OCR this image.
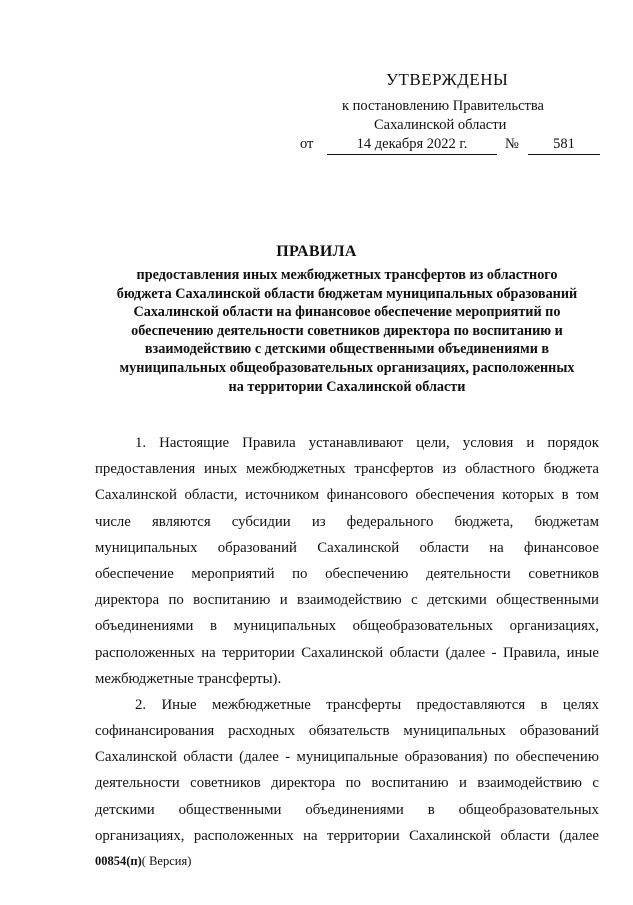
УТВЕРЖДЕНЫ
к постановлению Правительства
Сахалинской области
от	14 декабря 2022 г.	№	581
ПРАВИЛА
предоставления иных межбюджетных трансфертов из областного
бюджета Сахалинской области бюджетам муниципальных образований
Сахалинской области на финансовое обеспечение мероприятий по
обеспечению деятельности советников директора по воспитанию и
взаимодействию с детскими общественными объединениями в
муниципальных общеобразовательных организациях, расположенных
на территории Сахалинской области
1. Настоящие Правила устанавливают цели, условия и порядок
предоставления иных межбюджетных трансфертов из областного бюджета
Сахалинской области, источником финансового обеспечения которых в том
числе являются субсидии из федерального бюджета, бюджетам
муниципальных образований Сахалинской области на финансовое
обеспечение мероприятий по обеспечению деятельности советников
директора по воспитанию и взаимодействию с детскими общественными
объединениями в муниципальных общеобразовательных организациях,
расположенных на территории Сахалинской области (далее - Правила, иные
межбюджетные трансферты).
2. Иные межбюджетные трансферты предоставляются в целях
софинансирования расходных обязательств муниципальных образований
Сахалинской области (далее - муниципальные образования) по обеспечению
деятельности советников директора по воспитанию и взаимодействию с
детскими общественными объединениями в общеобразовательных
организациях, расположенных на территории Сахалинской области (далее
00854(п)( Версия)
